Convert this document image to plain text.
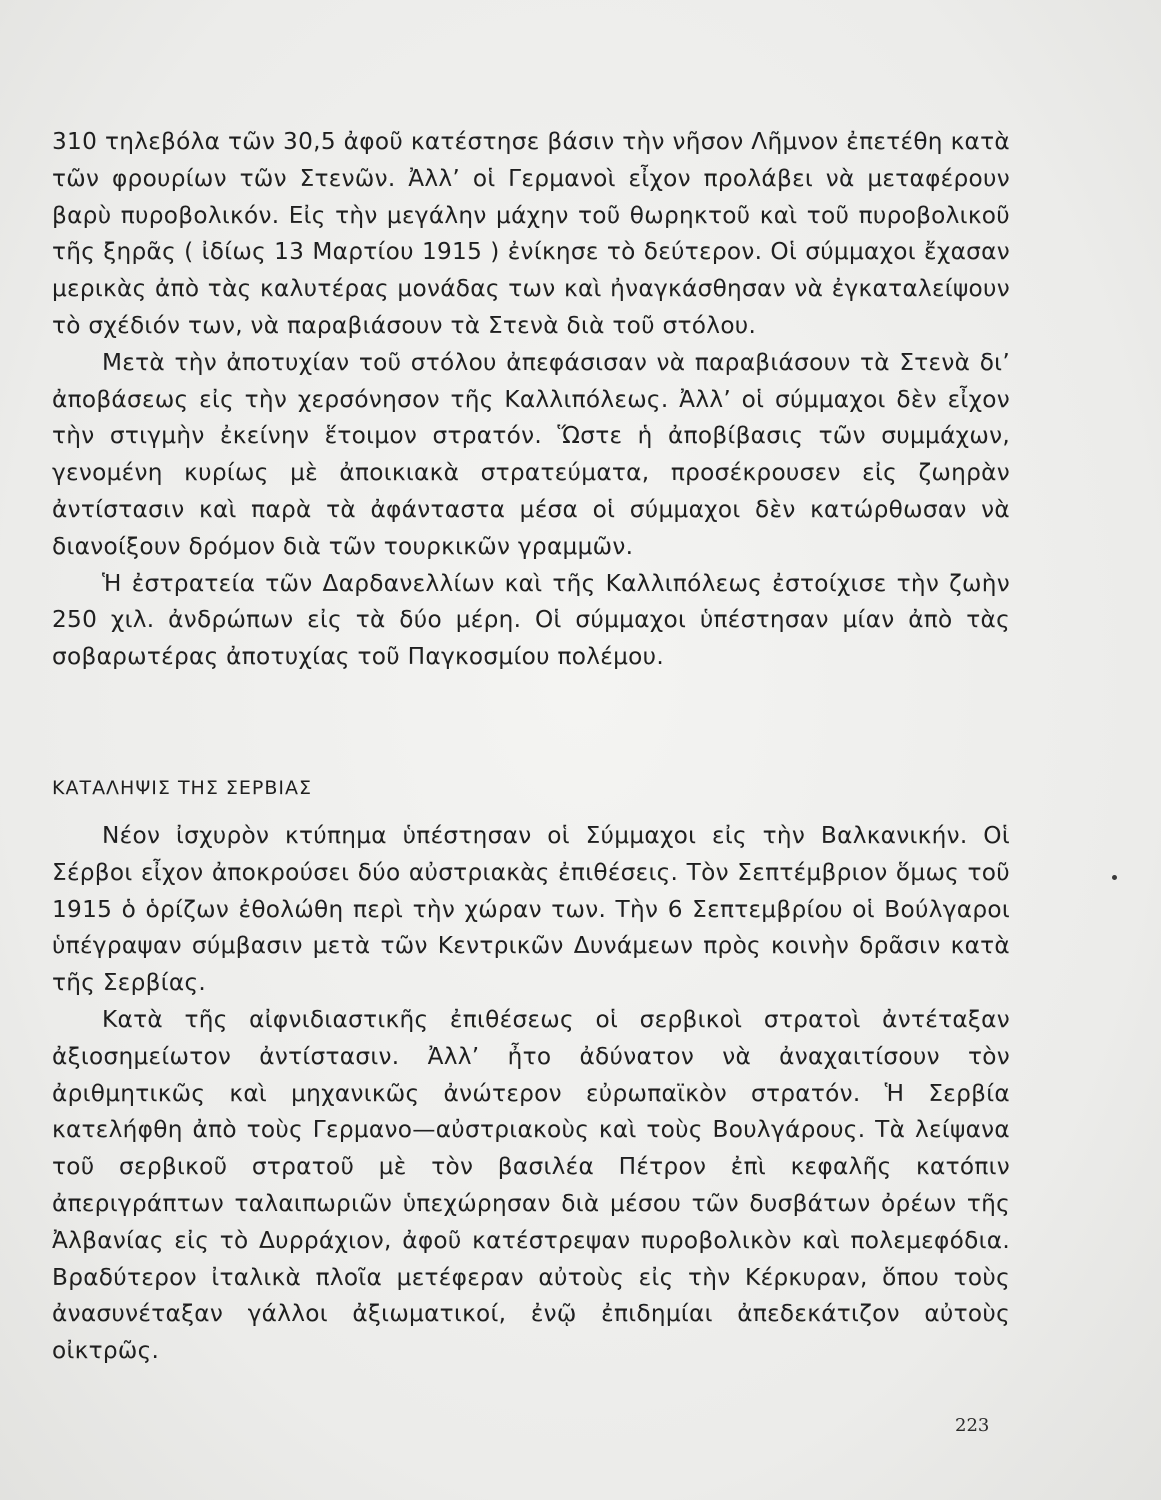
310 τηλεβόλα τῶν 30,5 ἀφοῦ κατέστησε βάσιν τὴν νῆσον Λῆμνον ἐπετέθη κατὰ τῶν φρουρίων τῶν Στενῶν. Ἀλλ’ οἱ Γερμανοὶ εἶχον προλάβει νὰ μεταφέρουν βαρὺ πυροβολικόν. Εἰς τὴν μεγάλην μάχην τοῦ θωρηκτοῦ καὶ τοῦ πυροβολικοῦ τῆς ξηρᾶς ( ἰδίως 13 Μαρτίου 1915 ) ἐνίκησε τὸ δεύτερον. Οἱ σύμμαχοι ἔχασαν μερικὰς ἀπὸ τὰς καλυτέρας μονάδας των καὶ ἠναγκάσθησαν νὰ ἐγκαταλείψουν τὸ σχέδιόν των, νὰ παραβιάσουν τὰ Στενὰ διὰ τοῦ στόλου.

Μετὰ τὴν ἀποτυχίαν τοῦ στόλου ἀπεφάσισαν νὰ παραβιάσουν τὰ Στενὰ δι’ ἀποβάσεως εἰς τὴν χερσόνησον τῆς Καλλιπόλεως. Ἀλλ’ οἱ σύμμαχοι δὲν εἶχον τὴν στιγμὴν ἐκείνην ἕτοιμον στρατόν. Ὥστε ἡ ἀποβίβασις τῶν συμμάχων, γενομένη κυρίως μὲ ἀποικιακὰ στρατεύματα, προσέκρουσεν εἰς ζωηρὰν ἀντίστασιν καὶ παρὰ τὰ ἀφάνταστα μέσα οἱ σύμμαχοι δὲν κατώρθωσαν νὰ διανοίξουν δρόμον διὰ τῶν τουρκικῶν γραμμῶν.

Ἡ ἐστρατεία τῶν Δαρδανελλίων καὶ τῆς Καλλιπόλεως ἐστοίχισε τὴν ζωὴν 250 χιλ. ἀνδρώπων εἰς τὰ δύο μέρη. Οἱ σύμμαχοι ὑπέστησαν μίαν ἀπὸ τὰς σοβαρωτέρας ἀποτυχίας τοῦ Παγκοσμίου πολέμου.

ΚΑΤΑΛΗΨΙΣ ΤΗΣ ΣΕΡΒΙΑΣ

Νέον ἰσχυρὸν κτύπημα ὑπέστησαν οἱ Σύμμαχοι εἰς τὴν Βαλκανικήν. Οἱ Σέρβοι εἶχον ἀποκρούσει δύο αὐστριακὰς ἐπιθέσεις. Τὸν Σεπτέμβριον ὅμως τοῦ 1915 ὁ ὁρίζων ἐθολώθη περὶ τὴν χώραν των. Τὴν 6 Σεπτεμβρίου οἱ Βούλγαροι ὑπέγραψαν σύμβασιν μετὰ τῶν Κεντρικῶν Δυνάμεων πρὸς κοινὴν δρᾶσιν κατὰ τῆς Σερβίας.

Κατὰ τῆς αἰφνιδιαστικῆς ἐπιθέσεως οἱ σερβικοὶ στρατοὶ ἀντέταξαν ἀξιοσημείωτον ἀντίστασιν. Ἀλλ’ ἦτο ἀδύνατον νὰ ἀναχαιτίσουν τὸν ἀριθμητικῶς καὶ μηχανικῶς ἀνώτερον εὐρωπαϊκὸν στρατόν. Ἡ Σερβία κατελήφθη ἀπὸ τοὺς Γερμανο—αὐστριακοὺς καὶ τοὺς Βουλγάρους. Τὰ λείψανα τοῦ σερβικοῦ στρατοῦ μὲ τὸν βασιλέα Πέτρον ἐπὶ κεφαλῆς κατόπιν ἀπεριγράπτων ταλαιπωριῶν ὑπεχώρησαν διὰ μέσου τῶν δυσβάτων ὀρέων τῆς Ἀλβανίας εἰς τὸ Δυρράχιον, ἀφοῦ κατέστρεψαν πυροβολικὸν καὶ πολεμεφόδια. Βραδύτερον ἰταλικὰ πλοῖα μετέφεραν αὐτοὺς εἰς τὴν Κέρκυραν, ὅπου τοὺς ἀνασυνέταξαν γάλλοι ἀξιωματικοί, ἐνῷ ἐπιδημίαι ἀπεδεκάτιζον αὐτοὺς οἰκτρῶς.

223
